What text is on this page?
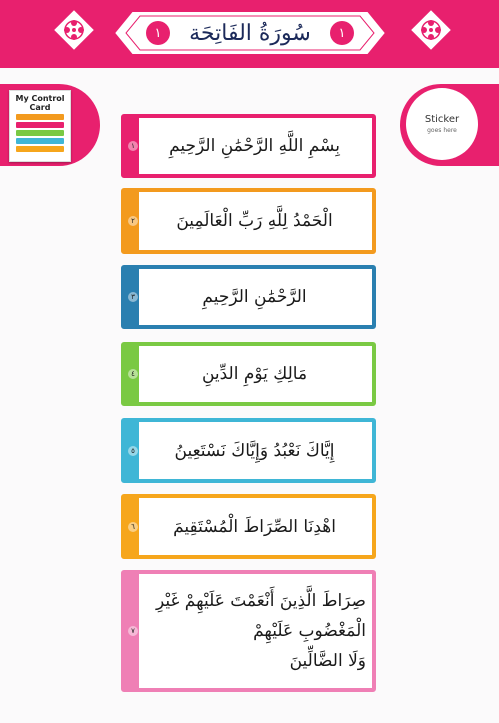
١	سُورَةُ الفَاتِحَة	١
My Control
Card
Sticker
goes here
١	بِسْمِ اللَّهِ الرَّحْمَٰنِ الرَّحِيمِ
٢	الْحَمْدُ لِلَّهِ رَبِّ الْعَالَمِينَ
٣	الرَّحْمَٰنِ الرَّحِيمِ
٤	مَالِكِ يَوْمِ الدِّينِ
٥	إِيَّاكَ نَعْبُدُ وَإِيَّاكَ نَسْتَعِينُ
٦	اهْدِنَا الصِّرَاطَ الْمُسْتَقِيمَ
٧
صِرَاطَ الَّذِينَ أَنْعَمْتَ عَلَيْهِمْ غَيْرِ
الْمَغْضُوبِ عَلَيْهِمْ
وَلَا الضَّالِّينَ
